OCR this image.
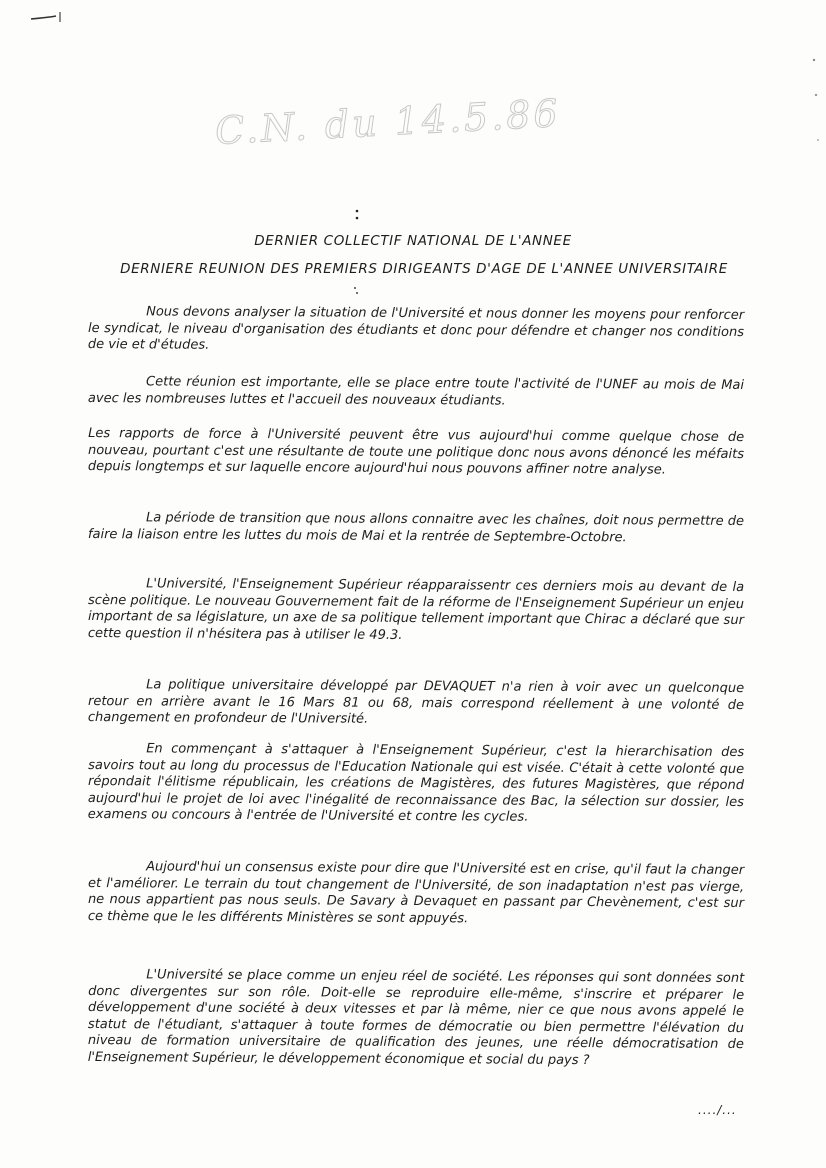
C.N. du 14.5.86

DERNIER COLLECTIF NATIONAL DE L'ANNEE

DERNIERE REUNION DES PREMIERS DIRIGEANTS D'AGE DE L'ANNEE UNIVERSITAIRE

Nous devons analyser la situation de l'Université et nous donner les moyens pour renforcer le syndicat, le niveau d'organisation des étudiants et donc pour défendre et changer nos conditions de vie et d'études.

Cette réunion est importante, elle se place entre toute l'activité de l'UNEF au mois de Mai avec les nombreuses luttes et l'accueil des nouveaux étudiants.

Les rapports de force à l'Université peuvent être vus aujourd'hui comme quelque chose de nouveau, pourtant c'est une résultante de toute une politique donc nous avons dénoncé les méfaits depuis longtemps et sur laquelle encore aujourd'hui nous pouvons affiner notre analyse.

La période de transition que nous allons connaitre avec les chaînes, doit nous permettre de faire la liaison entre les luttes du mois de Mai et la rentrée de Septembre-Octobre.

L'Université, l'Enseignement Supérieur réapparaissentr ces derniers mois au devant de la scène politique. Le nouveau Gouvernement fait de la réforme de l'Enseignement Supérieur un enjeu important de sa législature, un axe de sa politique tellement important que Chirac a déclaré que sur cette question il n'hésitera pas à utiliser le 49.3.

La politique universitaire développé par DEVAQUET n'a rien à voir avec un quelconque retour en arrière avant le 16 Mars 81 ou 68, mais correspond réellement à une volonté de changement en profondeur de l'Université.

En commençant à s'attaquer à l'Enseignement Supérieur, c'est la hierarchisation des savoirs tout au long du processus de l'Education Nationale qui est visée. C'était à cette volonté que répondait l'élitisme républicain, les créations de Magistères, des futures Magistères, que répond aujourd'hui le projet de loi avec l'inégalité de reconnaissance des Bac, la sélection sur dossier, les examens ou concours à l'entrée de l'Université et contre les cycles.

Aujourd'hui un consensus existe pour dire que l'Université est en crise, qu'il faut la changer et l'améliorer. Le terrain du tout changement de l'Université, de son inadaptation n'est pas vierge, ne nous appartient pas nous seuls. De Savary à Devaquet en passant par Chevènement, c'est sur ce thème que le les différents Ministères se sont appuyés.

L'Université se place comme un enjeu réel de société. Les réponses qui sont données sont donc divergentes sur son rôle. Doit-elle se reproduire elle-même, s'inscrire et préparer le développement d'une société à deux vitesses et par là même, nier ce que nous avons appelé le statut de l'étudiant, s'attaquer à toute formes de démocratie ou bien permettre l'élévation du niveau de formation universitaire de qualification des jeunes, une réelle démocratisation de l'Enseignement Supérieur, le développement économique et social du pays ?

..../...
